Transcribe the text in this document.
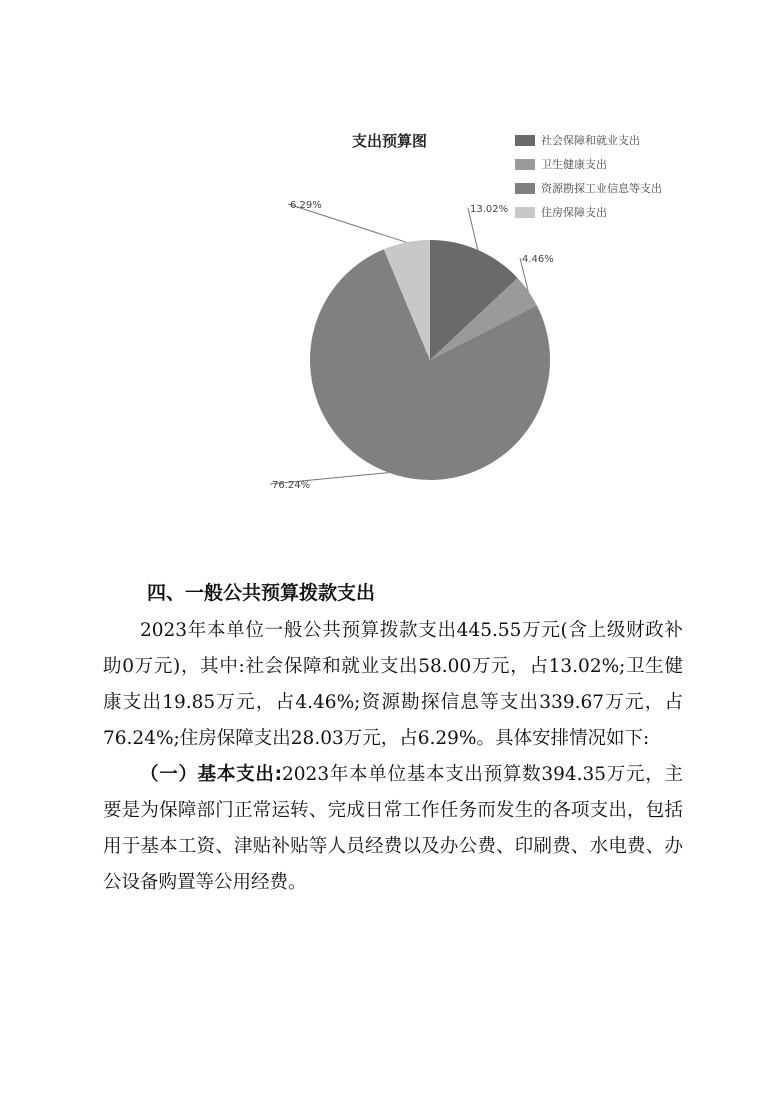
13.02%
4.46%
76.24%
6.29%
支出预算图	社会保障和就业支出
卫生健康支出
资源勘探工业信息等支出
住房保障支出
四、一般公共预算拨款支出

2023年本单位一般公共预算拨款支出445.55万元(含上级财政补助0万元)，其中:社会保障和就业支出58.00万元，占13.02%;卫生健康支出19.85万元，占4.46%;资源勘探信息等支出339.67万元，占76.24%;住房保障支出28.03万元，占6.29%。具体安排情况如下:

（一）基本支出:2023年本单位基本支出预算数394.35万元，主要是为保障部门正常运转、完成日常工作任务而发生的各项支出，包括用于基本工资、津贴补贴等人员经费以及办公费、印刷费、水电费、办公设备购置等公用经费。
